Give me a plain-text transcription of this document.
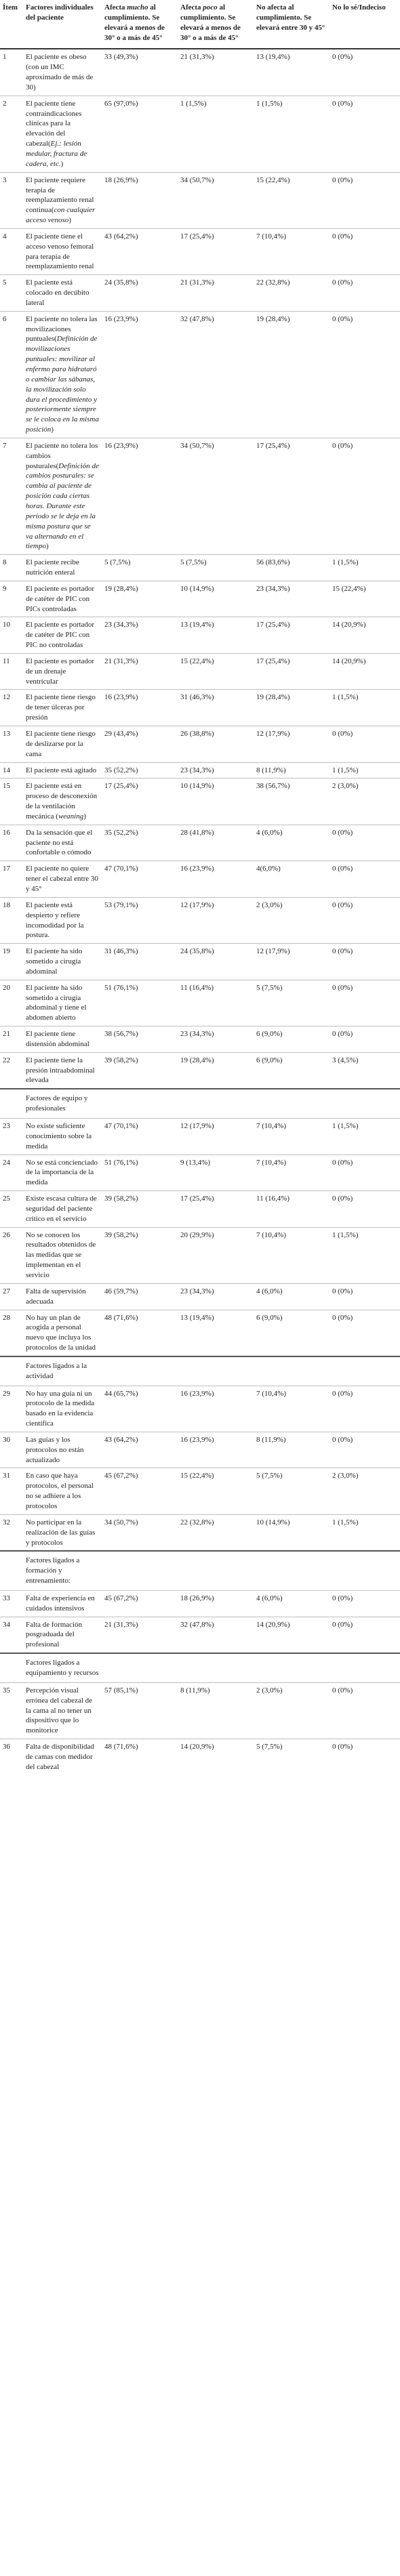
Ítem	Factores individuales del paciente	Afecta mucho al cumplimiento. Se elevará a menos de 30° o a más de 45°	Afecta poco al cumplimiento. Se elevará a menos de 30° o a más de 45°	No afecta al cumplimiento. Se elevará entre 30 y 45°	No lo sé/Indeciso
1	El paciente es obeso (con un IMC aproximado de más de 30)	33 (49,3%)	21 (31,3%)	13 (19,4%)	0 (0%)
2	El paciente tiene contraindicaciones clínicas para la elevación del cabezal(Ej.: lesión medular, fractura de cadera, etc.)	65 (97,0%)	1 (1,5%)	1 (1,5%)	0 (0%)
3	El paciente requiere terapia de reemplazamiento renal continua(con cualquier acceso venoso)	18 (26,9%)	34 (50,7%)	15 (22,4%)	0 (0%)
4	El paciente tiene el acceso venoso femoral para terapia de reemplazamiento renal	43 (64,2%)	17 (25,4%)	7 (10,4%)	0 (0%)
5	El paciente está colocado en decúbito lateral	24 (35,8%)	21 (31,3%)	22 (32,8%)	0 (0%)
6	El paciente no tolera las movilizaciones puntuales(Definición de movilizaciones puntuales: movilizar al enfermo para hidrataró o cambiar las sábanas, la movilización solo dura el procedimiento y posteriormente siempre se le coloca en la misma posición)	16 (23,9%)	32 (47,8%)	19 (28,4%)	0 (0%)
7	El paciente no tolera los cambios posturales(Definición de cambios posturales: se cambia al paciente de posición cada ciertas horas. Durante este período se le deja en la misma postura que se va alternando en el tiempo)	16 (23,9%)	34 (50,7%)	17 (25,4%)	0 (0%)
8	El paciente recibe nutrición enteral	5 (7,5%)	5 (7,5%)	56 (83,6%)	1 (1,5%)
9	El paciente es portador de catéter de PIC con PICs controladas	19 (28,4%)	10 (14,9%)	23 (34,3%)	15 (22,4%)
10	El paciente es portador de catéter de PIC con PIC no controladas	23 (34,3%)	13 (19,4%)	17 (25,4%)	14 (20,9%)
11	El paciente es portador de un drenaje ventricular	21 (31,3%)	15 (22,4%)	17 (25,4%)	14 (20,9%)
12	El paciente tiene riesgo de tener úlceras por presión	16 (23,9%)	31 (46,3%)	19 (28,4%)	1 (1,5%)
13	El paciente tiene riesgo de deslizarse por la cama	29 (43,4%)	26 (38,8%)	12 (17,9%)	0 (0%)
14	El paciente está agitado	35 (52,2%)	23 (34,3%)	8 (11,9%)	1 (1,5%)
15	El paciente está en proceso de desconexión de la ventilación mecánica (weaning)	17 (25,4%)	10 (14,9%)	38 (56,7%)	2 (3,0%)
16	Da la sensación que el paciente no está confortable o cómodo	35 (52,2%)	28 (41,8%)	4 (6,0%)	0 (0%)
17	El paciente no quiere tener el cabezal entre 30 y 45°	47 (70,1%)	16 (23,9%)	4(6,0%)	0 (0%)
18	El paciente está despierto y refiere incomodidad por la postura.	53 (79,1%)	12 (17,9%)	2 (3,0%)	0 (0%)
19	El paciente ha sido sometido a cirugía abdominal	31 (46,3%)	24 (35,8%)	12 (17,9%)	0 (0%)
20	El paciente ha sido sometido a cirugía abdominal y tiene el abdomen abierto	51 (76,1%)	11 (16,4%)	5 (7,5%)	0 (0%)
21	El paciente tiene distensión abdominal	38 (56,7%)	23 (34,3%)	6 (9,0%)	0 (0%)
22	El paciente tiene la presión intraabdominal elevada	39 (58,2%)	19 (28,4%)	6 (9,0%)	3 (4,5%)
	Factores de equipo y profesionales				
23	No existe suficiente conocimiento sobre la medida	47 (70,1%)	12 (17,9%)	7 (10,4%)	1 (1,5%)
24	No se está concienciado de la importancia de la medida	51 (76,1%)	9 (13,4%)	7 (10,4%)	0 (0%)
25	Existe escasa cultura de seguridad del paciente crítico en el servicio	39 (58,2%)	17 (25,4%)	11 (16,4%)	0 (0%)
26	No se conocen los resultados obtenidos de las medidas que se implementan en el servicio	39 (58,2%)	20 (29,9%)	7 (10,4%)	1 (1,5%)
27	Falta de supervisión adecuada	46 (59,7%)	23 (34,3%)	4 (6,0%)	0 (0%)
28	No hay un plan de acogida a personal nuevo que incluya los protocolos de la unidad	48 (71,6%)	13 (19,4%)	6 (9,0%)	0 (0%)
	Factores ligados a la actividad				
29	No hay una guía ni un protocolo de la medida basado en la evidencia científica	44 (65,7%)	16 (23,9%)	7 (10,4%)	0 (0%)
30	Las guías y los protocolos no están actualizado	43 (64,2%)	16 (23,9%)	8 (11,9%)	0 (0%)
31	En caso que haya protocolos, el personal no se adhiere a los protocolos	45 (67,2%)	15 (22,4%)	5 (7,5%)	2 (3,0%)
32	No participar en la realización de las guías y protocolos	34 (50,7%)	22 (32,8%)	10 (14,9%)	1 (1,5%)
	Factores ligados a formación y entrenamiento:				
33	Falta de experiencia en cuidados intensivos	45 (67,2%)	18 (26,9%)	4 (6,0%)	0 (0%)
34	Falta de formación posgraduada del profesional	21 (31,3%)	32 (47,8%)	14 (20,9%)	0 (0%)
	Factores ligados a equipamiento y recursos				
35	Percepción visual errónea del cabezal de la cama al no tener un dispositivo que lo monitorice	57 (85,1%)	8 (11,9%)	2 (3,0%)	0 (0%)
36	Falta de disponibilidad de camas con medidor del cabezal	48 (71,6%)	14 (20,9%)	5 (7,5%)	0 (0%)
